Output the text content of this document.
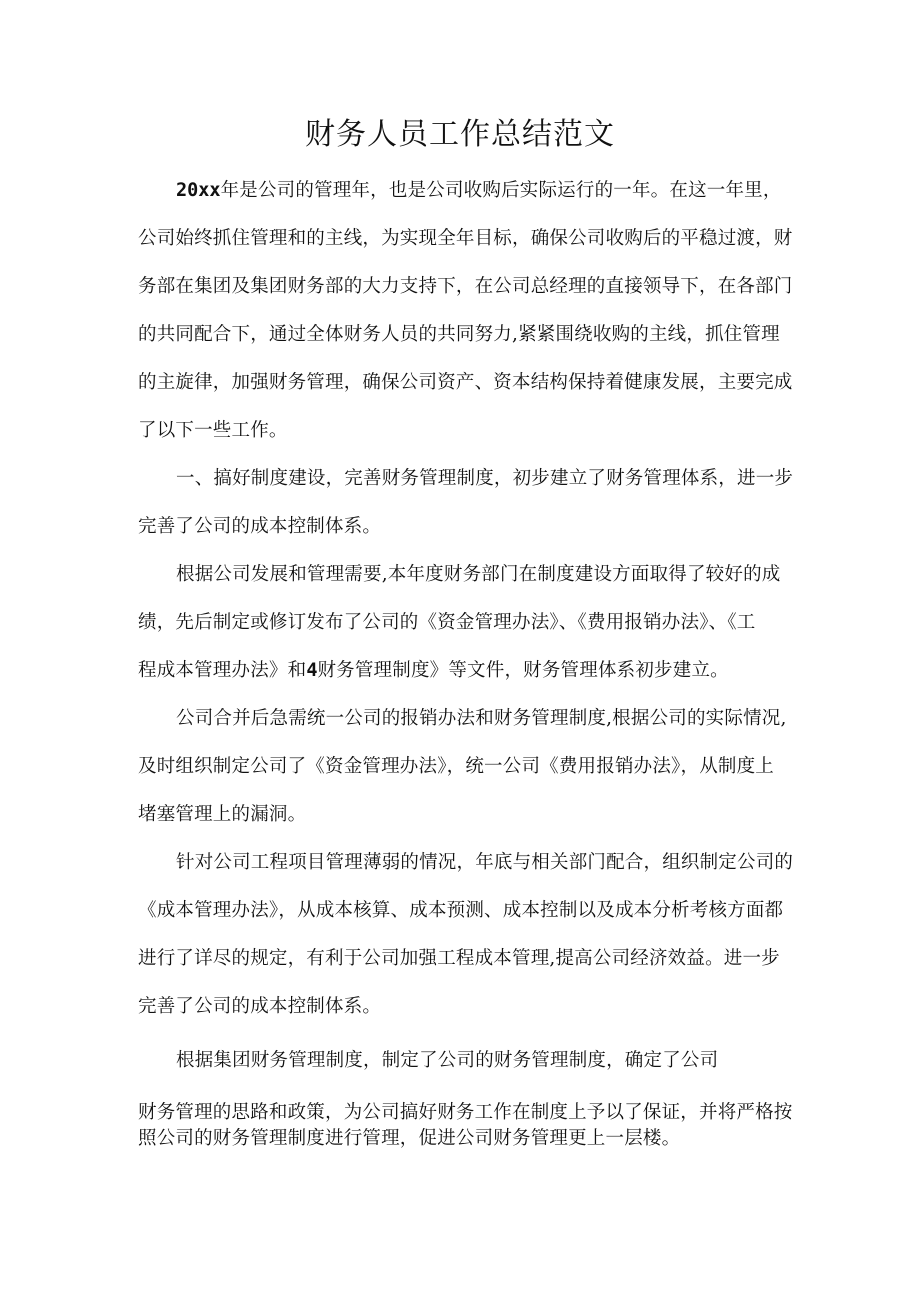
财务人员工作总结范文

20xx年是公司的管理年，也是公司收购后实际运行的一年。在这一年里，

公司始终抓住管理和的主线，为实现全年目标，确保公司收购后的平稳过渡，财

务部在集团及集团财务部的大力支持下，在公司总经理的直接领导下，在各部门

的共同配合下，通过全体财务人员的共同努力,紧紧围绕收购的主线，抓住管理

的主旋律，加强财务管理，确保公司资产、资本结构保持着健康发展，主要完成

了以下一些工作。

一、搞好制度建设，完善财务管理制度，初步建立了财务管理体系，进一步

完善了公司的成本控制体系。

根据公司发展和管理需要,本年度财务部门在制度建设方面取得了较好的成

绩，先后制定或修订发布了公司的《资金管理办法》、《费用报销办法》、《工

程成本管理办法》和4财务管理制度》等文件，财务管理体系初步建立。

公司合并后急需统一公司的报销办法和财务管理制度,根据公司的实际情况,

及时组织制定公司了《资金管理办法》，统一公司《费用报销办法》，从制度上

堵塞管理上的漏洞。

针对公司工程项目管理薄弱的情况，年底与相关部门配合，组织制定公司的

《成本管理办法》，从成本核算、成本预测、成本控制以及成本分析考核方面都

进行了详尽的规定，有利于公司加强工程成本管理,提高公司经济效益。进一步

完善了公司的成本控制体系。

根据集团财务管理制度，制定了公司的财务管理制度，确定了公司

财务管理的思路和政策，为公司搞好财务工作在制度上予以了保证，并将严格按

照公司的财务管理制度进行管理，促进公司财务管理更上一层楼。
